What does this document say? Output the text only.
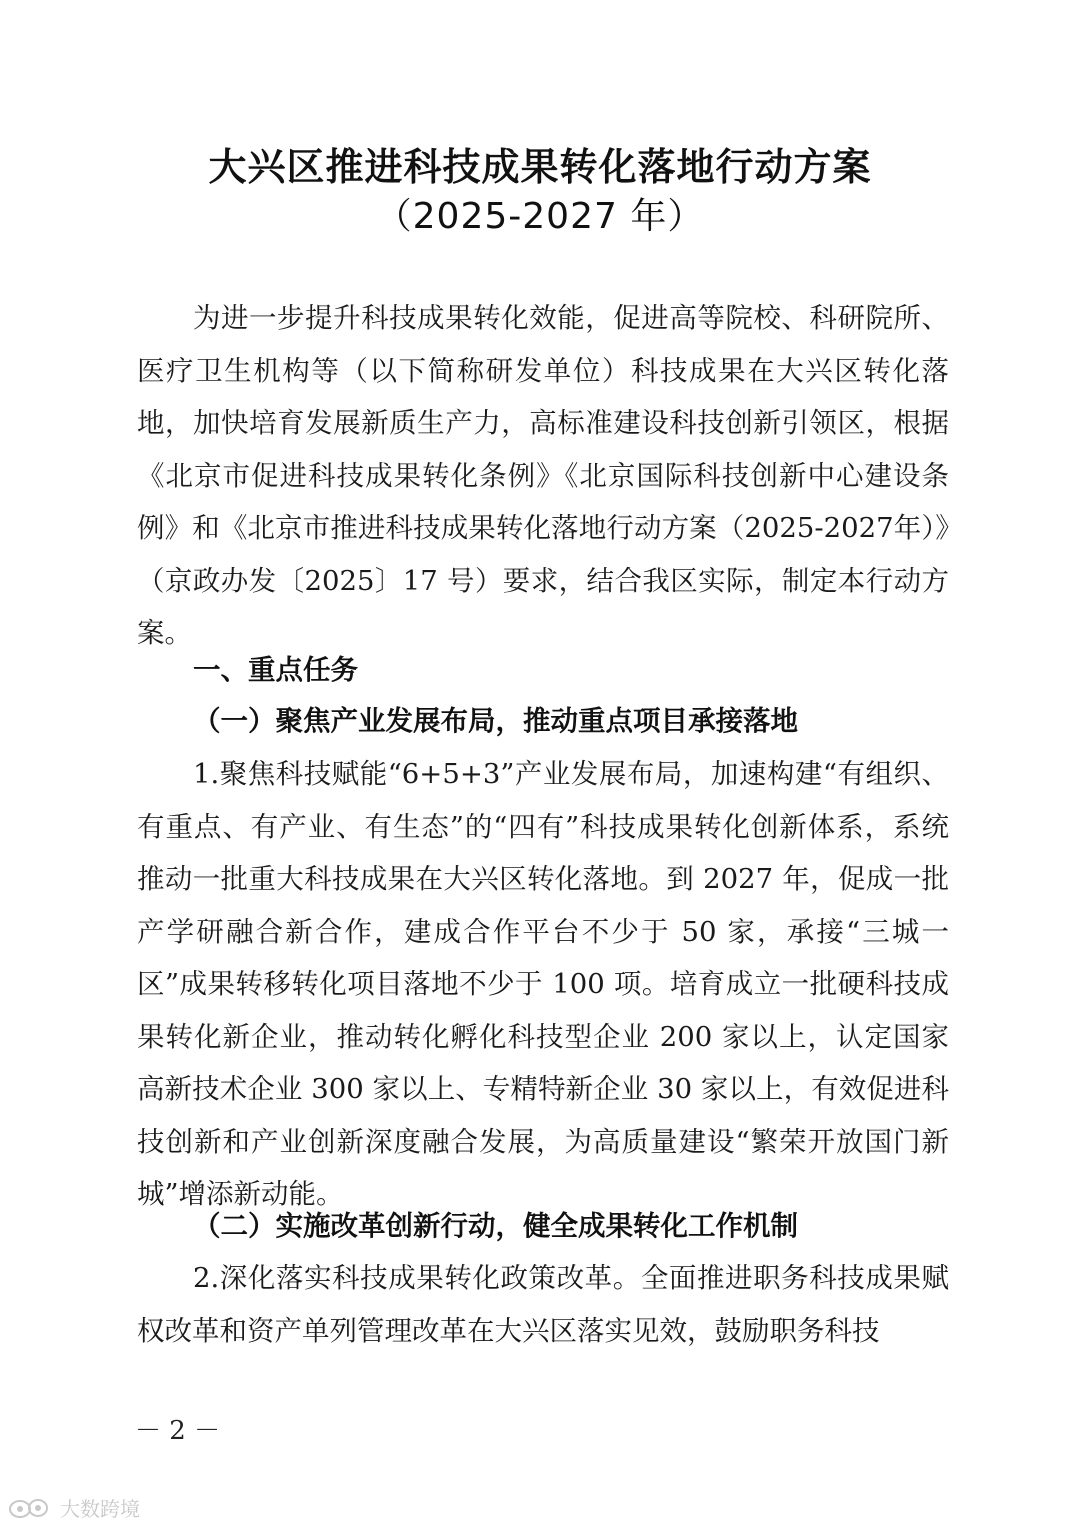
大兴区推进科技成果转化落地行动方案
（2025-2027 年）

为进一步提升科技成果转化效能，促进高等院校、科研院所、医疗卫生机构等（以下简称研发单位）科技成果在大兴区转化落地，加快培育发展新质生产力，高标准建设科技创新引领区，根据《北京市促进科技成果转化条例》《北京国际科技创新中心建设条例》和《北京市推进科技成果转化落地行动方案（2025-2027年）》（京政办发〔2025〕17 号）要求，结合我区实际，制定本行动方案。

一、重点任务

（一）聚焦产业发展布局，推动重点项目承接落地

1.聚焦科技赋能“6+5+3”产业发展布局，加速构建“有组织、有重点、有产业、有生态”的“四有”科技成果转化创新体系，系统推动一批重大科技成果在大兴区转化落地。到 2027 年，促成一批产学研融合新合作，建成合作平台不少于 50 家，承接“三城一区”成果转移转化项目落地不少于 100 项。培育成立一批硬科技成果转化新企业，推动转化孵化科技型企业 200 家以上，认定国家高新技术企业 300 家以上、专精特新企业 30 家以上，有效促进科技创新和产业创新深度融合发展，为高质量建设“繁荣开放国门新城”增添新动能。

（二）实施改革创新行动，健全成果转化工作机制

2.深化落实科技成果转化政策改革。全面推进职务科技成果赋权改革和资产单列管理改革在大兴区落实见效，鼓励职务科技

－ 2 －
大数跨境
